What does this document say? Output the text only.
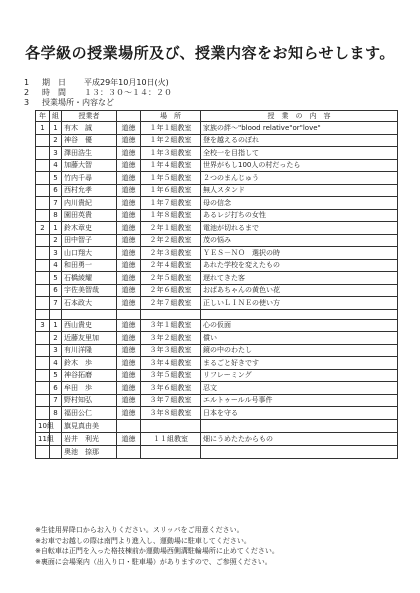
各学級の授業場所及び、授業内容をお知らせします。
1 期　日 平成29年10月10日(火)
2 時　間 １３：３０～１４：２０
3 授業場所・内容など
年	組	授業者		場　所	授　業　の　内　容
1	1	有木　誠	道徳	１年１組教室	家族の絆～"blood relative"or"love"
	2	神谷　優	道徳	１年２組教室	登を越えるのぼれ
	3	澤田浩生	道徳	１年３組教室	全校一を目指して
	4	加藤大智	道徳	１年４組教室	世界がもし100人の村だったら
	5	竹内千尋	道徳	１年５組教室	２つのまんじゅう
	6	西村允孝	道徳	１年６組教室	無人スタンド
	7	内川貴紀	道徳	１年７組教室	母の信念
	8	園田英貴	道徳	１年８組教室	あるレジ打ちの女性
2	1	鈴木章史	道徳	２年１組教室	電池が切れるまで
	2	田中智子	道徳	２年２組教室	茂の悩み
	3	山口翔大	道徳	２年３組教室	ＹＥＳ－ＮＯ　選択の時
	4	和田勇一	道徳	２年４組教室	あれた学校を変えたもの
	5	石橋綾耀	道徳	２年５組教室	遅れてきた客
	6	宇佐美智哉	道徳	２年６組教室	おばあちゃんの黄色い花
	7	石本政大	道徳	２年７組教室	正しいＬＩＮＥの使い方

3	1	西山貴史	道徳	３年１組教室	心の仮面
	2	近藤友里加	道徳	３年２組教室	償い
	3	有川洋隆	道徳	３年３組教室	鏡の中のわたし
	4	鈴木　歩	道徳	３年４組教室	まるごと好きです
	5	神谷拓磨	道徳	３年５組教室	リフレーミング
	6	牟田　歩	道徳	３年６組教室	忍文
	7	野村知弘	道徳	３年７組教室	エルトゥールル号事件
	8	福田公仁	道徳	３年８組教室	日本を守る
10組		旗見真由美			
11組		岩井　利光	道徳	１１組教室	畑にうめたたからもの
		奥池　捺那			
※生徒用昇降口からお入りください。スリッパをご用意ください。
※お車でお越しの際は南門より進入し、運動場に駐車してください。
※自転車は正門を入った格技棟前か運動場西側溝駐輪場所に止めてください。
※裏面に会場案内（出入り口・駐車場）がありますので、ご参照ください。
